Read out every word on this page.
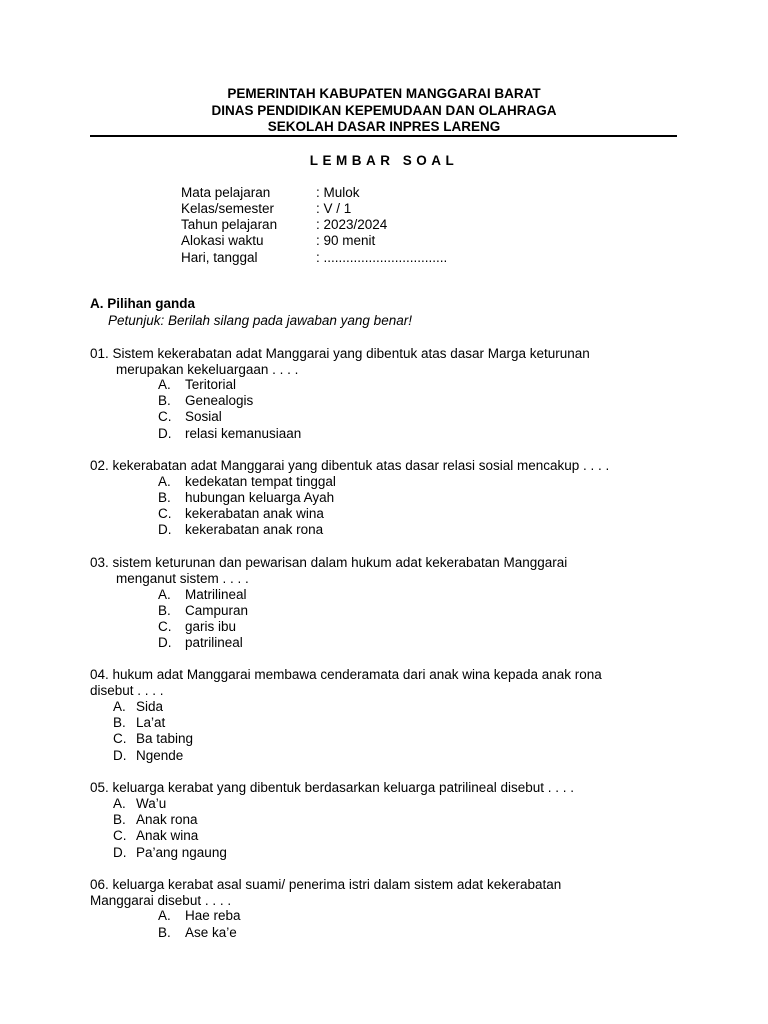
PEMERINTAH KABUPATEN MANGGARAI BARAT
DINAS PENDIDIKAN KEPEMUDAAN DAN OLAHRAGA
SEKOLAH DASAR INPRES LARENG
LEMBAR SOAL
Mata pelajaran	: Mulok
Kelas/semester	: V / 1
Tahun pelajaran	: 2023/2024
Alokasi waktu	: 90 menit
Hari, tanggal	: .................................
A. Pilihan ganda
Petunjuk: Berilah silang pada jawaban yang benar!
01. Sistem kekerabatan adat Manggarai yang dibentuk atas dasar Marga keturunan
merupakan kekeluargaan . . . .
A. Teritorial
B. Genealogis
C. Sosial
D. relasi kemanusiaan
02. kekerabatan adat Manggarai yang dibentuk atas dasar relasi sosial mencakup . . . .
A. kedekatan tempat tinggal
B. hubungan keluarga Ayah
C. kekerabatan anak wina
D. kekerabatan anak rona
03. sistem keturunan dan pewarisan dalam hukum adat kekerabatan Manggarai
menganut sistem . . . .
A. Matrilineal
B. Campuran
C. garis ibu
D. patrilineal
04. hukum adat Manggarai membawa cenderamata dari anak wina kepada anak rona
disebut . . . .
A. Sida
B. La’at
C. Ba tabing
D. Ngende
05. keluarga kerabat yang dibentuk berdasarkan keluarga patrilineal disebut . . . .
A. Wa’u
B. Anak rona
C. Anak wina
D. Pa’ang ngaung
06. keluarga kerabat asal suami/ penerima istri dalam sistem adat kekerabatan
Manggarai disebut . . . .
A. Hae reba
B. Ase ka’e
